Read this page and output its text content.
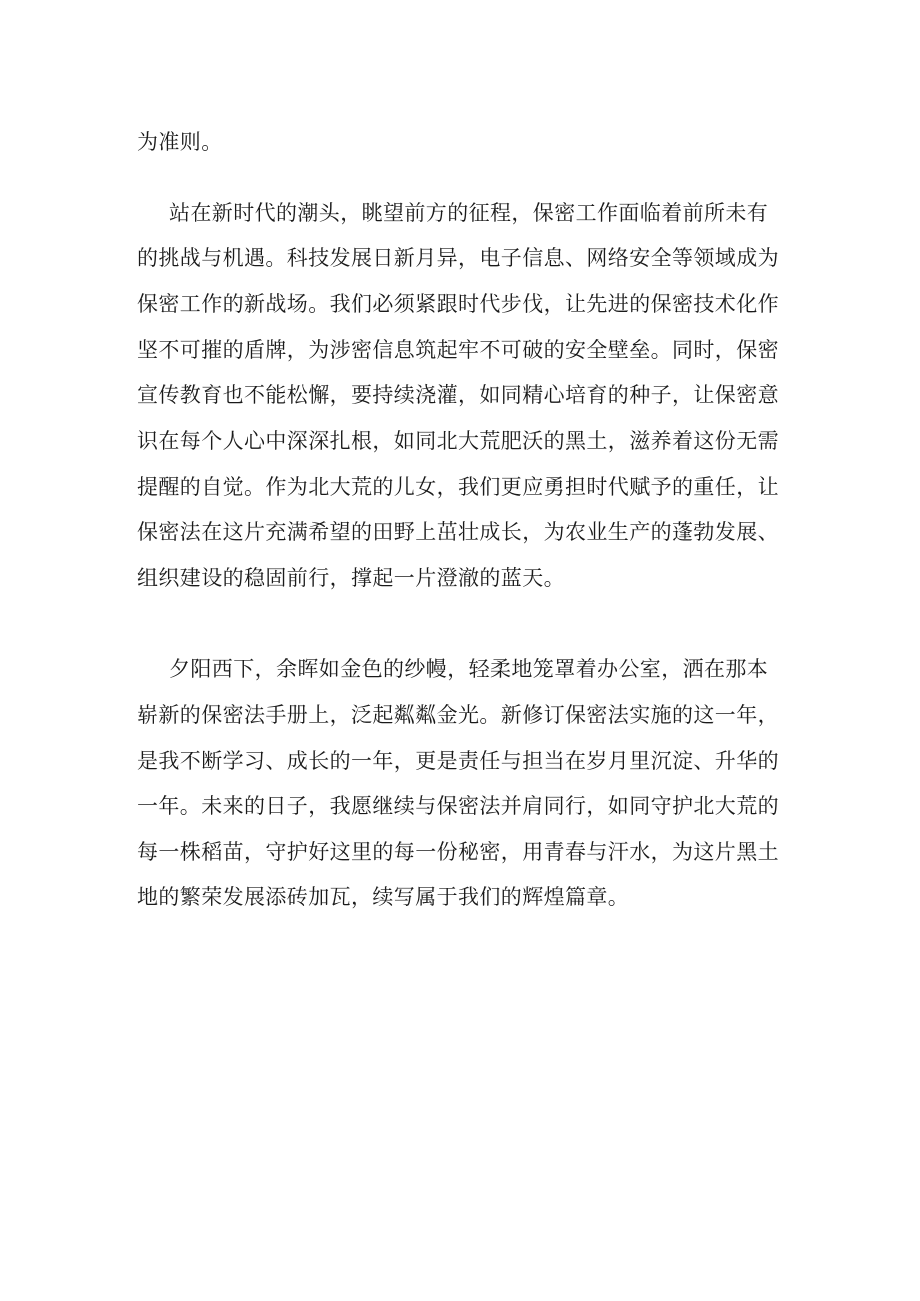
为准则。
站在新时代的潮头，眺望前方的征程，保密工作面临着前所未有
的挑战与机遇。科技发展日新月异，电子信息、网络安全等领域成为
保密工作的新战场。我们必须紧跟时代步伐，让先进的保密技术化作
坚不可摧的盾牌，为涉密信息筑起牢不可破的安全壁垒。同时，保密
宣传教育也不能松懈，要持续浇灌，如同精心培育的种子，让保密意
识在每个人心中深深扎根，如同北大荒肥沃的黑土，滋养着这份无需
提醒的自觉。作为北大荒的儿女，我们更应勇担时代赋予的重任，让
保密法在这片充满希望的田野上茁壮成长，为农业生产的蓬勃发展、
组织建设的稳固前行，撑起一片澄澈的蓝天。
夕阳西下，余晖如金色的纱幔，轻柔地笼罩着办公室，洒在那本
崭新的保密法手册上，泛起粼粼金光。新修订保密法实施的这一年，
是我不断学习、成长的一年，更是责任与担当在岁月里沉淀、升华的
一年。未来的日子，我愿继续与保密法并肩同行，如同守护北大荒的
每一株稻苗，守护好这里的每一份秘密，用青春与汗水，为这片黑土
地的繁荣发展添砖加瓦，续写属于我们的辉煌篇章。
